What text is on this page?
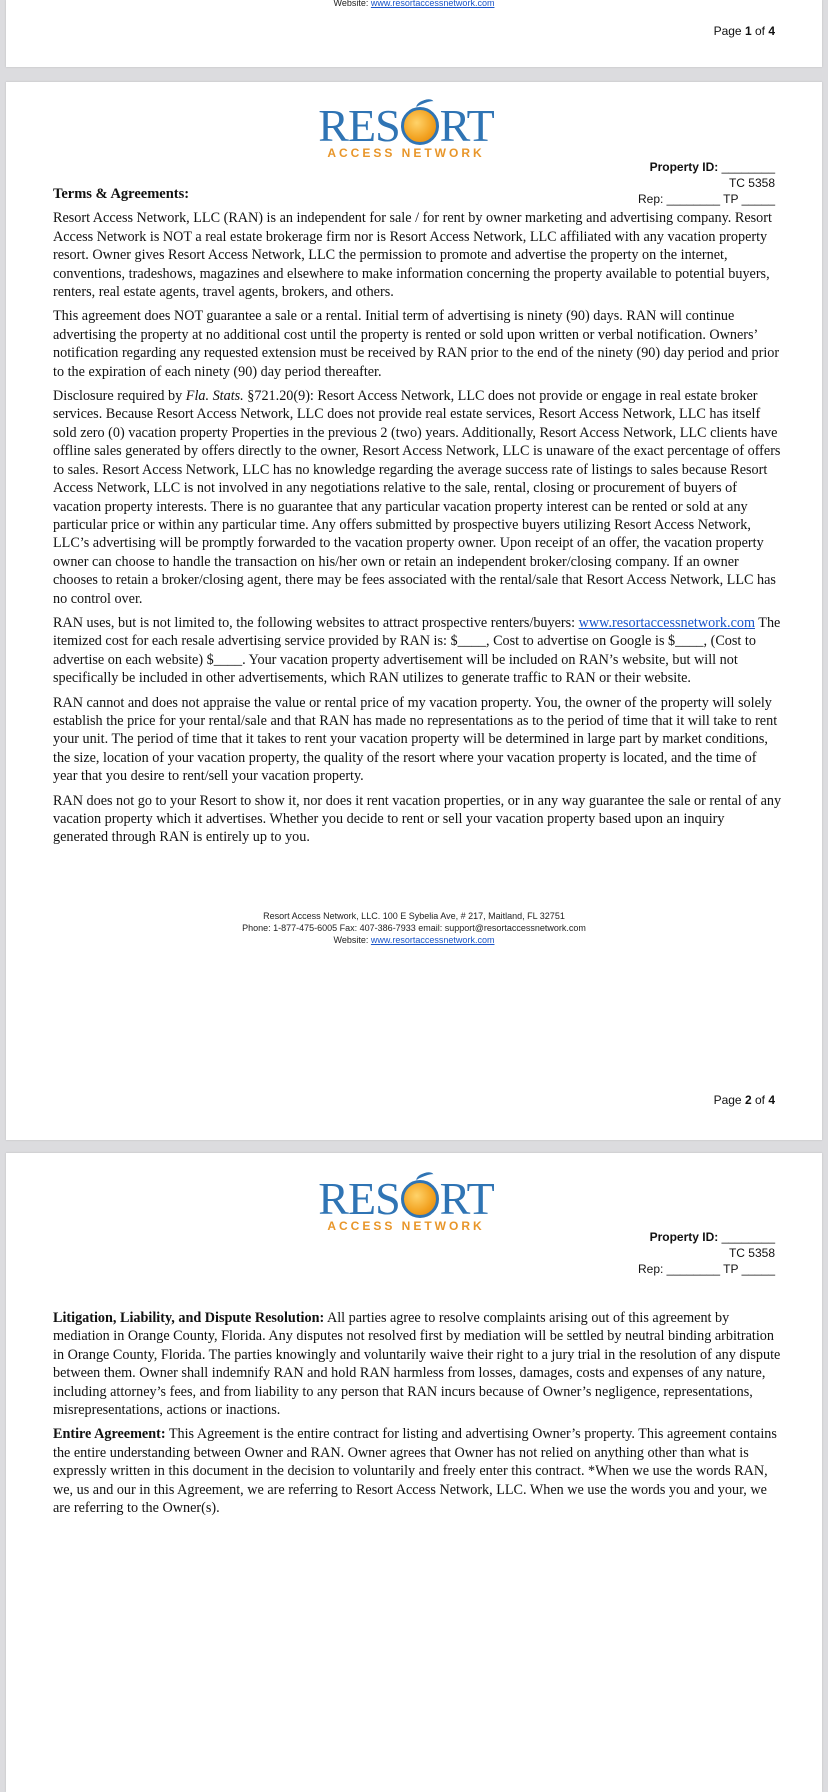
Website: www.resortaccessnetwork.com
Page 1 of 4
RES RT
ACCESS NETWORK
Property ID: ________
TC 5358
Rep: ________ TP _____

Terms & Agreements:

Resort Access Network, LLC (RAN) is an independent for sale / for rent by owner marketing and advertising company. Resort Access Network is NOT a real estate brokerage firm nor is Resort Access Network, LLC affiliated with any vacation property resort. Owner gives Resort Access Network, LLC the permission to promote and advertise the property on the internet, conventions, tradeshows, magazines and elsewhere to make information concerning the property available to potential buyers, renters, real estate agents, travel agents, brokers, and others.

This agreement does NOT guarantee a sale or a rental. Initial term of advertising is ninety (90) days. RAN will continue advertising the property at no additional cost until the property is rented or sold upon written or verbal notification. Owners’ notification regarding any requested extension must be received by RAN prior to the end of the ninety (90) day period and prior to the expiration of each ninety (90) day period thereafter.

Disclosure required by Fla. Stats. §721.20(9): Resort Access Network, LLC does not provide or engage in real estate broker services. Because Resort Access Network, LLC does not provide real estate services, Resort Access Network, LLC has itself sold zero (0) vacation property Properties in the previous 2 (two) years. Additionally, Resort Access Network, LLC clients have offline sales generated by offers directly to the owner, Resort Access Network, LLC is unaware of the exact percentage of offers to sales. Resort Access Network, LLC has no knowledge regarding the average success rate of listings to sales because Resort Access Network, LLC is not involved in any negotiations relative to the sale, rental, closing or procurement of buyers of vacation property interests. There is no guarantee that any particular vacation property interest can be rented or sold at any particular price or within any particular time. Any offers submitted by prospective buyers utilizing Resort Access Network, LLC’s advertising will be promptly forwarded to the vacation property owner. Upon receipt of an offer, the vacation property owner can choose to handle the transaction on his/her own or retain an independent broker/closing company. If an owner chooses to retain a broker/closing agent, there may be fees associated with the rental/sale that Resort Access Network, LLC has no control over.

RAN uses, but is not limited to, the following websites to attract prospective renters/buyers: www.resortaccessnetwork.com The itemized cost for each resale advertising service provided by RAN is: $____, Cost to advertise on Google is $____, (Cost to advertise on each website) $____. Your vacation property advertisement will be included on RAN’s website, but will not specifically be included in other advertisements, which RAN utilizes to generate traffic to RAN or their website.

RAN cannot and does not appraise the value or rental price of my vacation property. You, the owner of the property will solely establish the price for your rental/sale and that RAN has made no representations as to the period of time that it will take to rent your unit. The period of time that it takes to rent your vacation property will be determined in large part by market conditions, the size, location of your vacation property, the quality of the resort where your vacation property is located, and the time of year that you desire to rent/sell your vacation property.

RAN does not go to your Resort to show it, nor does it rent vacation properties, or in any way guarantee the sale or rental of any vacation property which it advertises. Whether you decide to rent or sell your vacation property based upon an inquiry generated through RAN is entirely up to you.

Resort Access Network, LLC. 100 E Sybelia Ave, # 217, Maitland, FL 32751
Phone: 1-877-475-6005 Fax: 407-386-7933 email: support@resortaccessnetwork.com
Website: www.resortaccessnetwork.com
Page 2 of 4
RES RT
ACCESS NETWORK
Property ID: ________
TC 5358
Rep: ________ TP _____

Litigation, Liability, and Dispute Resolution: All parties agree to resolve complaints arising out of this agreement by mediation in Orange County, Florida. Any disputes not resolved first by mediation will be settled by neutral binding arbitration in Orange County, Florida. The parties knowingly and voluntarily waive their right to a jury trial in the resolution of any dispute between them. Owner shall indemnify RAN and hold RAN harmless from losses, damages, costs and expenses of any nature, including attorney’s fees, and from liability to any person that RAN incurs because of Owner’s negligence, representations, misrepresentations, actions or inactions.

Entire Agreement: This Agreement is the entire contract for listing and advertising Owner’s property. This agreement contains the entire understanding between Owner and RAN. Owner agrees that Owner has not relied on anything other than what is expressly written in this document in the decision to voluntarily and freely enter this contract. *When we use the words RAN, we, us and our in this Agreement, we are referring to Resort Access Network, LLC. When we use the words you and your, we are referring to the Owner(s).
